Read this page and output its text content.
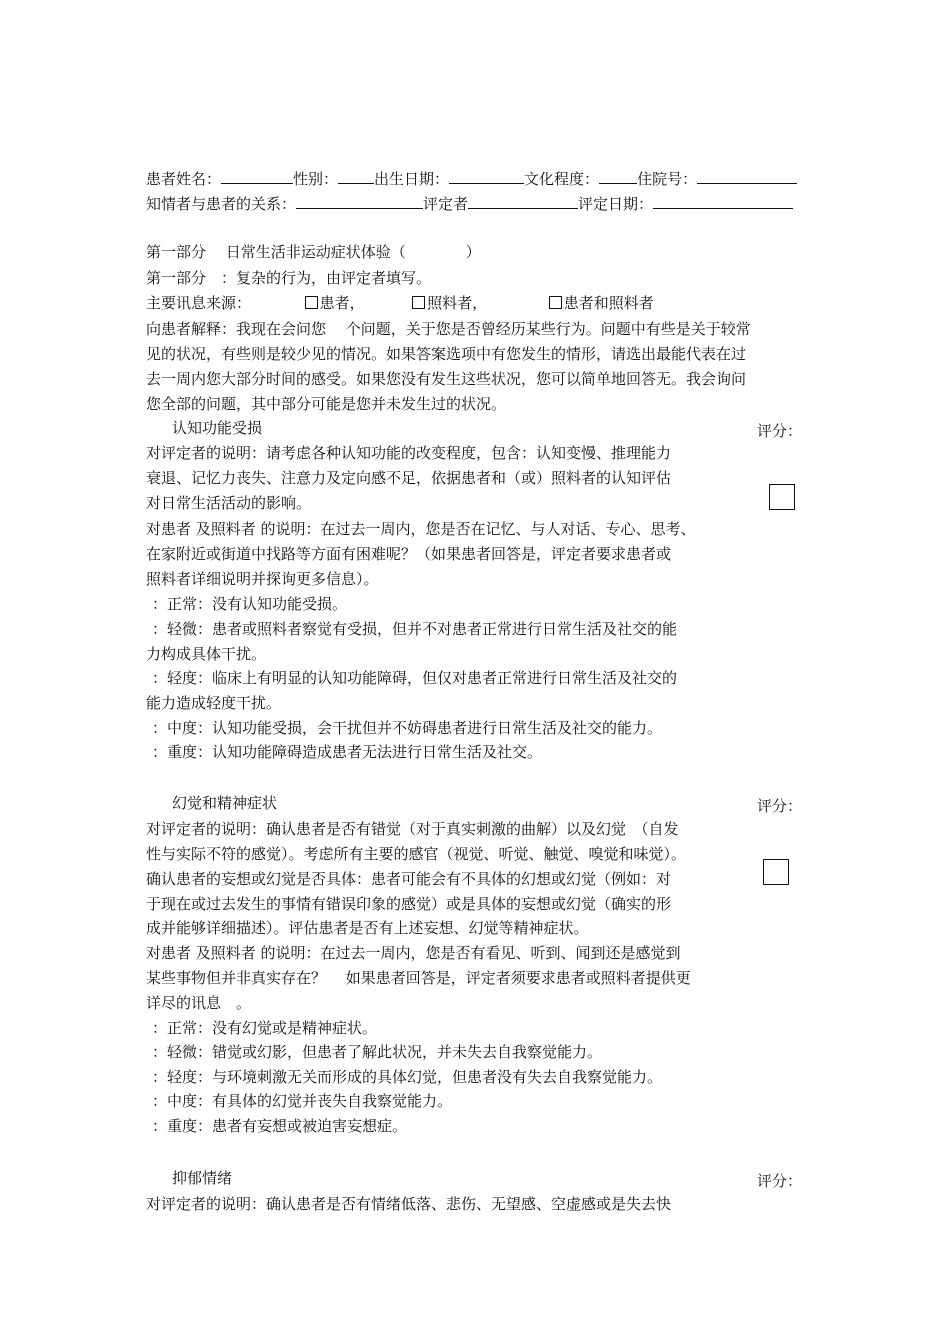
患者姓名：	性别： 出生日期：	文化程度：	住院号：
知情者与患者的关系：	评定者	评定日期：
第一部分　 日常生活非运动症状体验（　　　　）
第一部分　：复杂的行为，由评定者填写。
主要讯息来源：	患者，	照料者，	患者和照料者
向患者解释：我现在会问您　 个问题，关于您是否曾经历某些行为。问题中有些是关于较常
见的状况，有些则是较少见的情况。如果答案选项中有您发生的情形，请选出最能代表在过
去一周内您大部分时间的感受。如果您没有发生这些状况，您可以简单地回答无。我会询问
您全部的问题，其中部分可能是您并未发生过的状况。
认知功能受损	评分：
对评定者的说明：请考虑各种认知功能的改变程度，包含：认知变慢、推理能力
衰退、记忆力丧失、注意力及定向感不足，依据患者和（或）照料者的认知评估
对日常生活活动的影响。
对患者 及照料者 的说明：在过去一周内，您是否在记忆、与人对话、专心、思考、
在家附近或街道中找路等方面有困难呢？（如果患者回答是，评定者要求患者或
照料者详细说明并探询更多信息）。
：正常：没有认知功能受损。
：轻微：患者或照料者察觉有受损，但并不对患者正常进行日常生活及社交的能
力构成具体干扰。
：轻度：临床上有明显的认知功能障碍，但仅对患者正常进行日常生活及社交的
能力造成轻度干扰。
：中度：认知功能受损，会干扰但并不妨碍患者进行日常生活及社交的能力。
：重度：认知功能障碍造成患者无法进行日常生活及社交。
幻觉和精神症状	评分：
对评定者的说明：确认患者是否有错觉（对于真实刺激的曲解）以及幻觉　（自发
性与实际不符的感觉）。考虑所有主要的感官（视觉、听觉、触觉、嗅觉和味觉）。
确认患者的妄想或幻觉是否具体：患者可能会有不具体的幻想或幻觉（例如：对
于现在或过去发生的事情有错误印象的感觉）或是具体的妄想或幻觉（确实的形
成并能够详细描述）。评估患者是否有上述妄想、幻觉等精神症状。
对患者 及照料者 的说明：在过去一周内，您是否有看见、听到、闻到还是感觉到
某些事物但并非真实存在？　 如果患者回答是，评定者须要求患者或照料者提供更
详尽的讯息　。
：正常：没有幻觉或是精神症状。
：轻微：错觉或幻影，但患者了解此状况，并未失去自我察觉能力。
：轻度：与环境刺激无关而形成的具体幻觉，但患者没有失去自我察觉能力。
：中度：有具体的幻觉并丧失自我察觉能力。
：重度：患者有妄想或被迫害妄想症。
抑郁情绪	评分：
对评定者的说明：确认患者是否有情绪低落、悲伤、无望感、空虚感或是失去快
